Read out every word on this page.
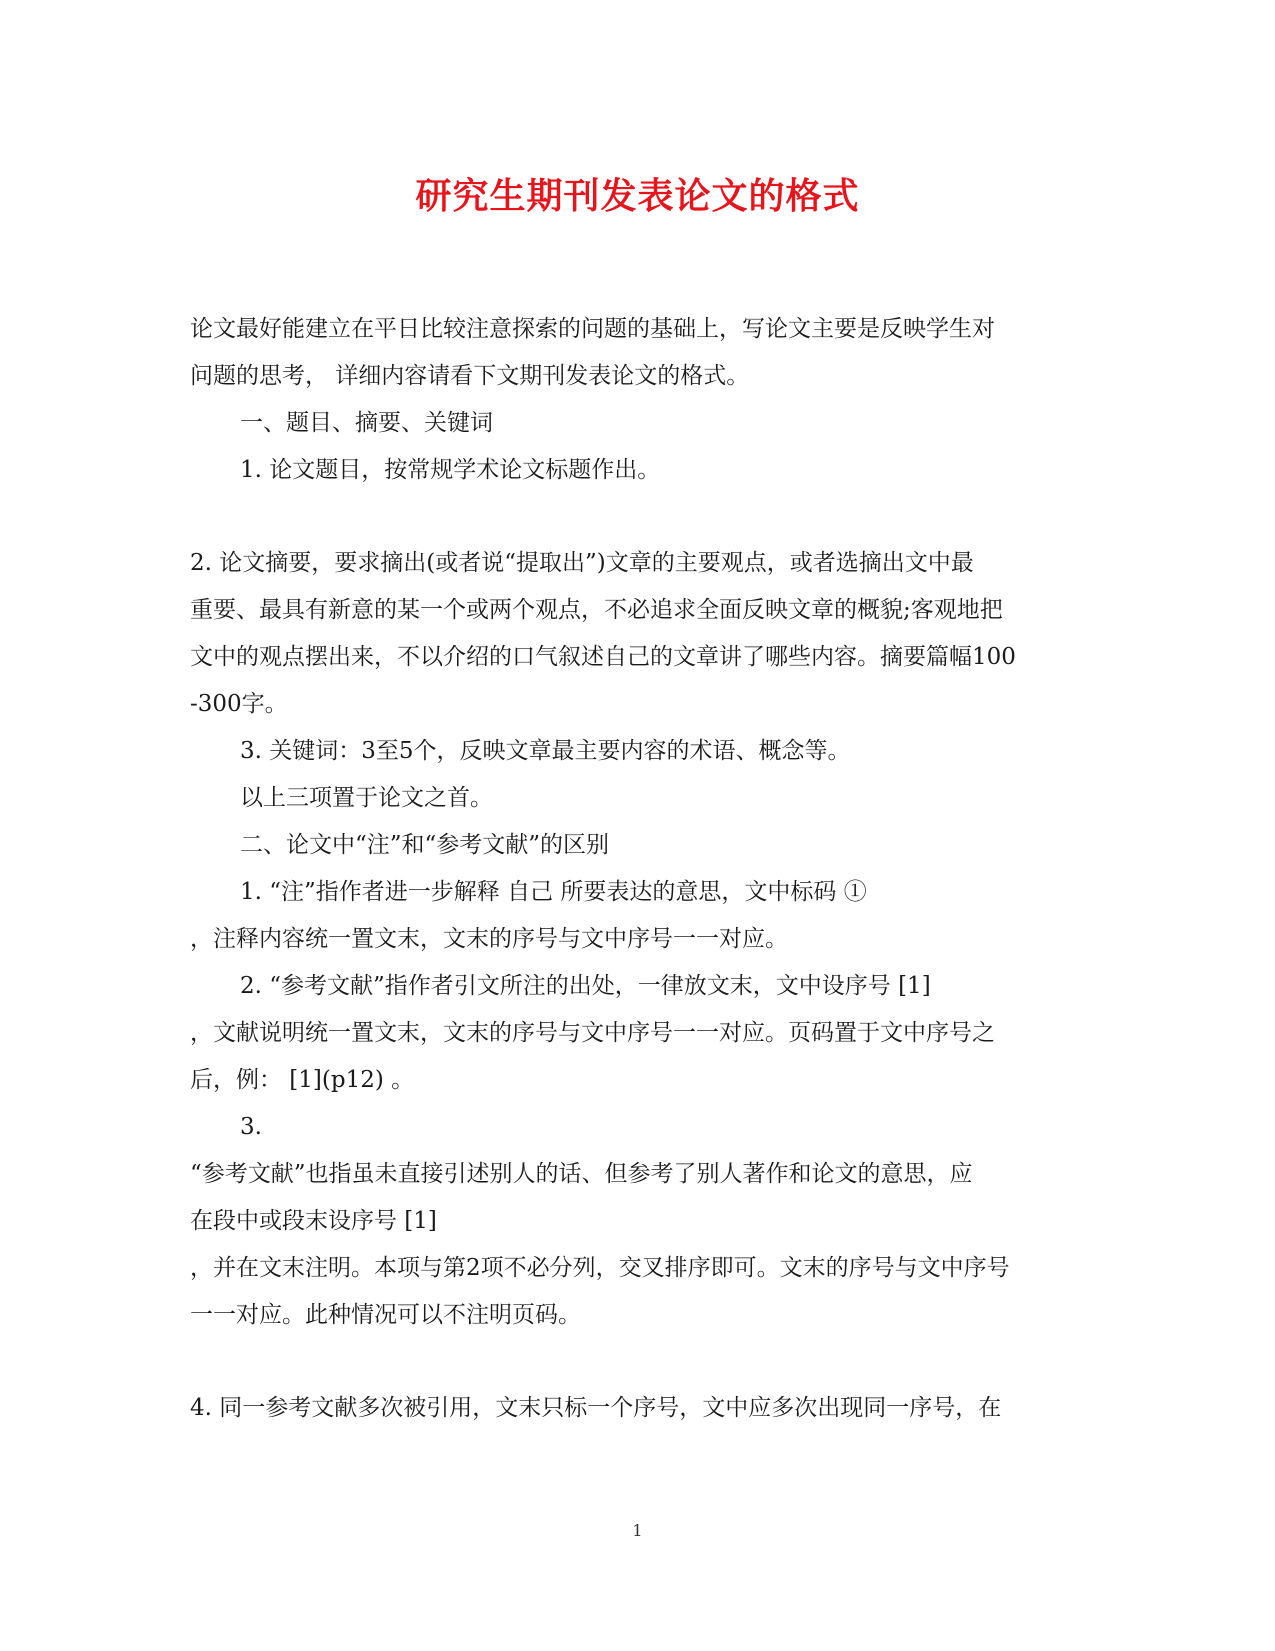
研究生期刊发表论文的格式

论文最好能建立在平日比较注意探索的问题的基础上，写论文主要是反映学生对

问题的思考， 详细内容请看下文期刊发表论文的格式。

一、题目、摘要、关键词

1. 论文题目，按常规学术论文标题作出。

2. 论文摘要，要求摘出(或者说“提取出”)文章的主要观点，或者选摘出文中最

重要、最具有新意的某一个或两个观点，不必追求全面反映文章的概貌;客观地把

文中的观点摆出来，不以介绍的口气叙述自己的文章讲了哪些内容。摘要篇幅100

-300字。

3. 关键词：3至5个，反映文章最主要内容的术语、概念等。

以上三项置于论文之首。

二、论文中“注”和“参考文献”的区别

1. “注”指作者进一步解释 自己 所要表达的意思，文中标码 ①

，注释内容统一置文末，文末的序号与文中序号一一对应。

2. “参考文献”指作者引文所注的出处，一律放文末，文中设序号 [1]

，文献说明统一置文末，文末的序号与文中序号一一对应。页码置于文中序号之

后，例： [1](p12) 。

3.

“参考文献”也指虽未直接引述别人的话、但参考了别人著作和论文的意思，应

在段中或段末设序号 [1]

，并在文末注明。本项与第2项不必分列，交叉排序即可。文末的序号与文中序号

一一对应。此种情况可以不注明页码。

4. 同一参考文献多次被引用，文末只标一个序号，文中应多次出现同一序号，在

1
